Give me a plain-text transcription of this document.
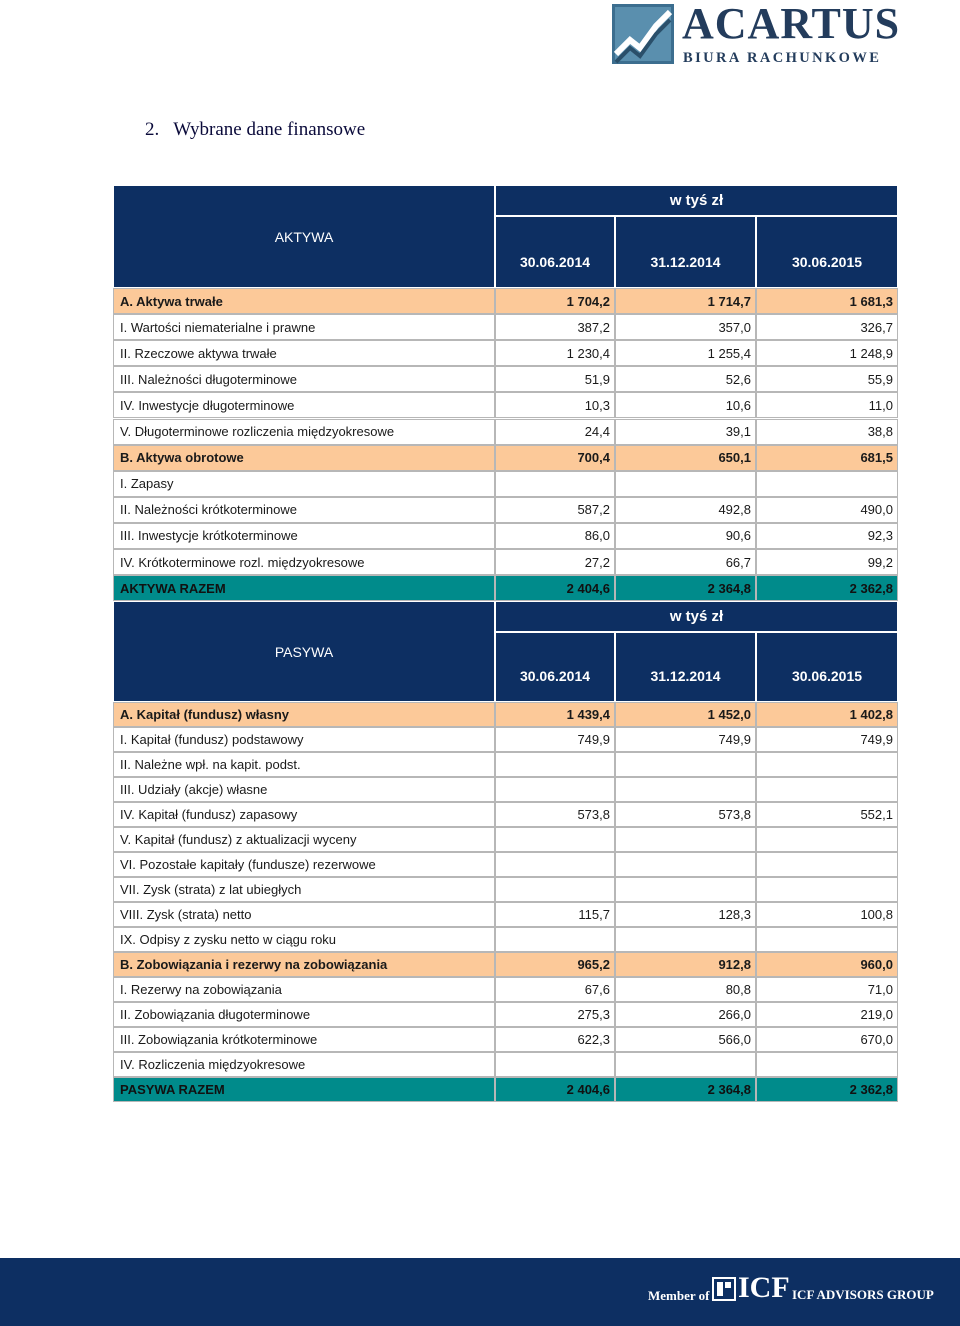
ACARTUS
BIURA RACHUNKOWE
2. Wybrane dane finansowe
AKTYWA
w tyś zł
30.06.2014	31.12.2014	30.06.2015
A. Aktywa trwałe	1 704,2	1 714,7	1 681,3
I. Wartości niematerialne i prawne	387,2	357,0	326,7
II. Rzeczowe aktywa trwałe	1 230,4	1 255,4	1 248,9
III. Należności długoterminowe	51,9	52,6	55,9
IV. Inwestycje długoterminowe	10,3	10,6	11,0
V. Długoterminowe rozliczenia międzyokresowe	24,4	39,1	38,8
B. Aktywa obrotowe	700,4	650,1	681,5
I. Zapasy
II. Należności krótkoterminowe	587,2	492,8	490,0
III. Inwestycje krótkoterminowe	86,0	90,6	92,3
IV. Krótkoterminowe rozl. międzyokresowe	27,2	66,7	99,2
AKTYWA RAZEM	2 404,6	2 364,8	2 362,8
PASYWA
w tyś zł
30.06.2014	31.12.2014	30.06.2015
A. Kapitał (fundusz) własny	1 439,4	1 452,0	1 402,8
I. Kapitał (fundusz) podstawowy	749,9	749,9	749,9
II. Należne wpł. na kapit. podst.
III. Udziały (akcje) własne
IV. Kapitał (fundusz) zapasowy	573,8	573,8	552,1
V. Kapitał (fundusz) z aktualizacji wyceny
VI. Pozostałe kapitały (fundusze) rezerwowe
VII. Zysk (strata) z lat ubiegłych
VIII. Zysk (strata) netto	115,7	128,3	100,8
IX. Odpisy z zysku netto w ciągu roku
B. Zobowiązania i rezerwy na zobowiązania	965,2	912,8	960,0
I. Rezerwy na zobowiązania	67,6	80,8	71,0
II. Zobowiązania długoterminowe	275,3	266,0	219,0
III. Zobowiązania krótkoterminowe	622,3	566,0	670,0
IV. Rozliczenia międzyokresowe
PASYWA RAZEM	2 404,6	2 364,8	2 362,8
Member of ICF ICF ADVISORS GROUP
